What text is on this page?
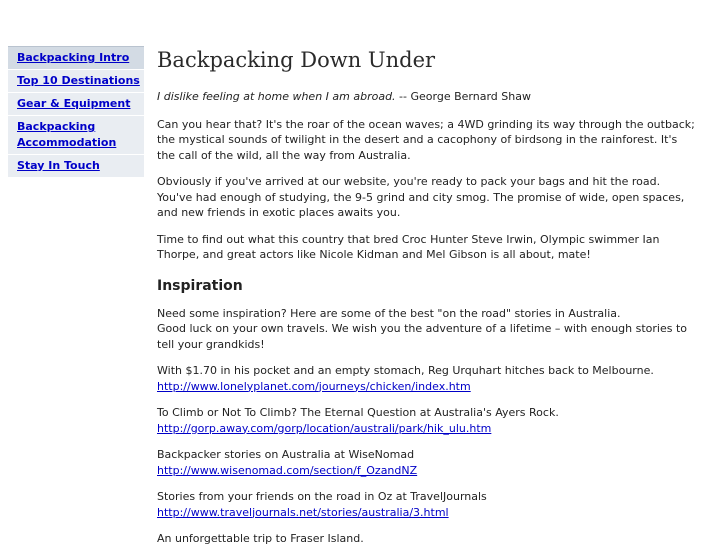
Backpacking Intro
Top 10 Destinations
Gear & Equipment
Backpacking Accommodation
Stay In Touch
Backpacking Down Under

I dislike feeling at home when I am abroad. -- George Bernard Shaw

Can you hear that? It's the roar of the ocean waves; a 4WD grinding its way through the outback; the mystical sounds of twilight in the desert and a cacophony of birdsong in the rainforest. It's the call of the wild, all the way from Australia.

Obviously if you've arrived at our website, you're ready to pack your bags and hit the road. You've had enough of studying, the 9-5 grind and city smog. The promise of wide, open spaces, and new friends in exotic places awaits you.

Time to find out what this country that bred Croc Hunter Steve Irwin, Olympic swimmer Ian Thorpe, and great actors like Nicole Kidman and Mel Gibson is all about, mate!

Inspiration

Need some inspiration? Here are some of the best "on the road" stories in Australia.
Good luck on your own travels. We wish you the adventure of a lifetime – with enough stories to tell your grandkids!

With $1.70 in his pocket and an empty stomach, Reg Urquhart hitches back to Melbourne.
http://www.lonelyplanet.com/journeys/chicken/index.htm

To Climb or Not To Climb? The Eternal Question at Australia's Ayers Rock.
http://gorp.away.com/gorp/location/australi/park/hik_ulu.htm

Backpacker stories on Australia at WiseNomad
http://www.wisenomad.com/section/f_OzandNZ

Stories from your friends on the road in Oz at TravelJournals
http://www.traveljournals.net/stories/australia/3.html

An unforgettable trip to Fraser Island.
